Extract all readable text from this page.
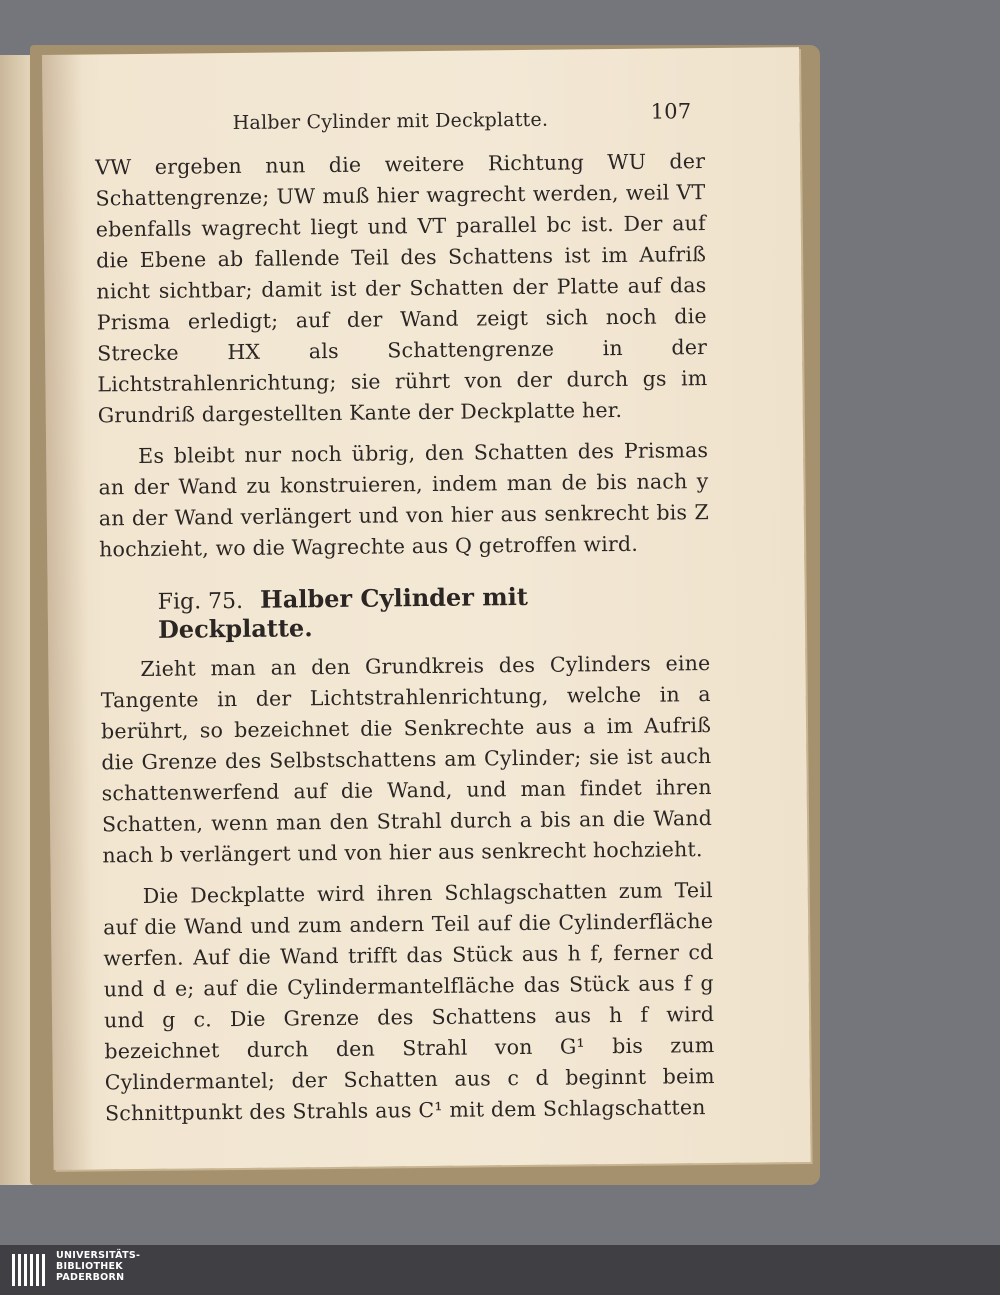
Halber Cylinder mit Deckplatte.	107

VW ergeben nun die weitere Richtung WU der Schattengrenze; UW muß hier wagrecht werden, weil VT ebenfalls wagrecht liegt und VT parallel bc ist. Der auf die Ebene ab fallende Teil des Schattens ist im Aufriß nicht sichtbar; damit ist der Schatten der Platte auf das Prisma erledigt; auf der Wand zeigt sich noch die Strecke HX als Schattengrenze in der Lichtstrahlenrichtung; sie rührt von der durch gs im Grundriß dargestellten Kante der Deckplatte her.

Es bleibt nur noch übrig, den Schatten des Prismas an der Wand zu konstruieren, indem man de bis nach y an der Wand verlängert und von hier aus senkrecht bis Z hochzieht, wo die Wagrechte aus Q getroffen wird.

Fig. 75. Halber Cylinder mit Deckplatte.

Zieht man an den Grundkreis des Cylinders eine Tangente in der Lichtstrahlenrichtung, welche in a berührt, so bezeichnet die Senkrechte aus a im Aufriß die Grenze des Selbstschattens am Cylinder; sie ist auch schattenwerfend auf die Wand, und man findet ihren Schatten, wenn man den Strahl durch a bis an die Wand nach b verlängert und von hier aus senkrecht hochzieht.

Die Deckplatte wird ihren Schlagschatten zum Teil auf die Wand und zum andern Teil auf die Cylinderfläche werfen. Auf die Wand trifft das Stück aus h f, ferner cd und d e; auf die Cylindermantelfläche das Stück aus f g und g c. Die Grenze des Schattens aus h f wird bezeichnet durch den Strahl von G¹ bis zum Cylindermantel; der Schatten aus c d beginnt beim Schnittpunkt des Strahls aus C¹ mit dem Schlagschatten

UNIVERSITÄTS-
BIBLIOTHEK
PADERBORN
